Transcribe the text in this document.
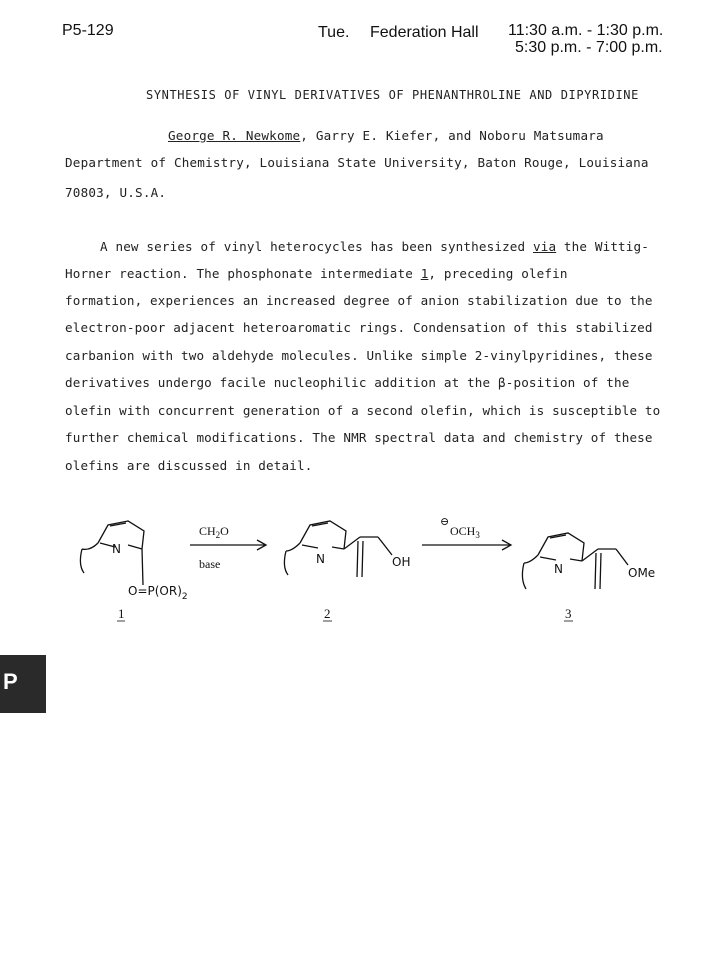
P5-129	Tue. Federation Hall 11:30 a.m. - 1:30 p.m.
5:30 p.m. - 7:00 p.m.
SYNTHESIS OF VINYL DERIVATIVES OF PHENANTHROLINE AND DIPYRIDINE
George R. Newkome, Garry E. Kiefer, and Noboru Matsumara
Department of Chemistry, Louisiana State University, Baton Rouge, Louisiana
70803, U.S.A.
A new series of vinyl heterocycles has been synthesized via the Wittig-
Horner reaction. The phosphonate intermediate 1, preceding olefin
formation, experiences an increased degree of anion stabilization due to the
electron-poor adjacent heteroaromatic rings. Condensation of this stabilized
carbanion with two aldehyde molecules. Unlike simple 2-vinylpyridines, these
derivatives undergo facile nucleophilic addition at the β-position of the
olefin with concurrent generation of a second olefin, which is susceptible to
further chemical modifications. The NMR spectral data and chemistry of these
olefins are discussed in detail.
N
$O=P(OR)_2$
$CH_2O$
base	N	OH
⊖
$OCH_3$
N	OMe
1	2	3
P
